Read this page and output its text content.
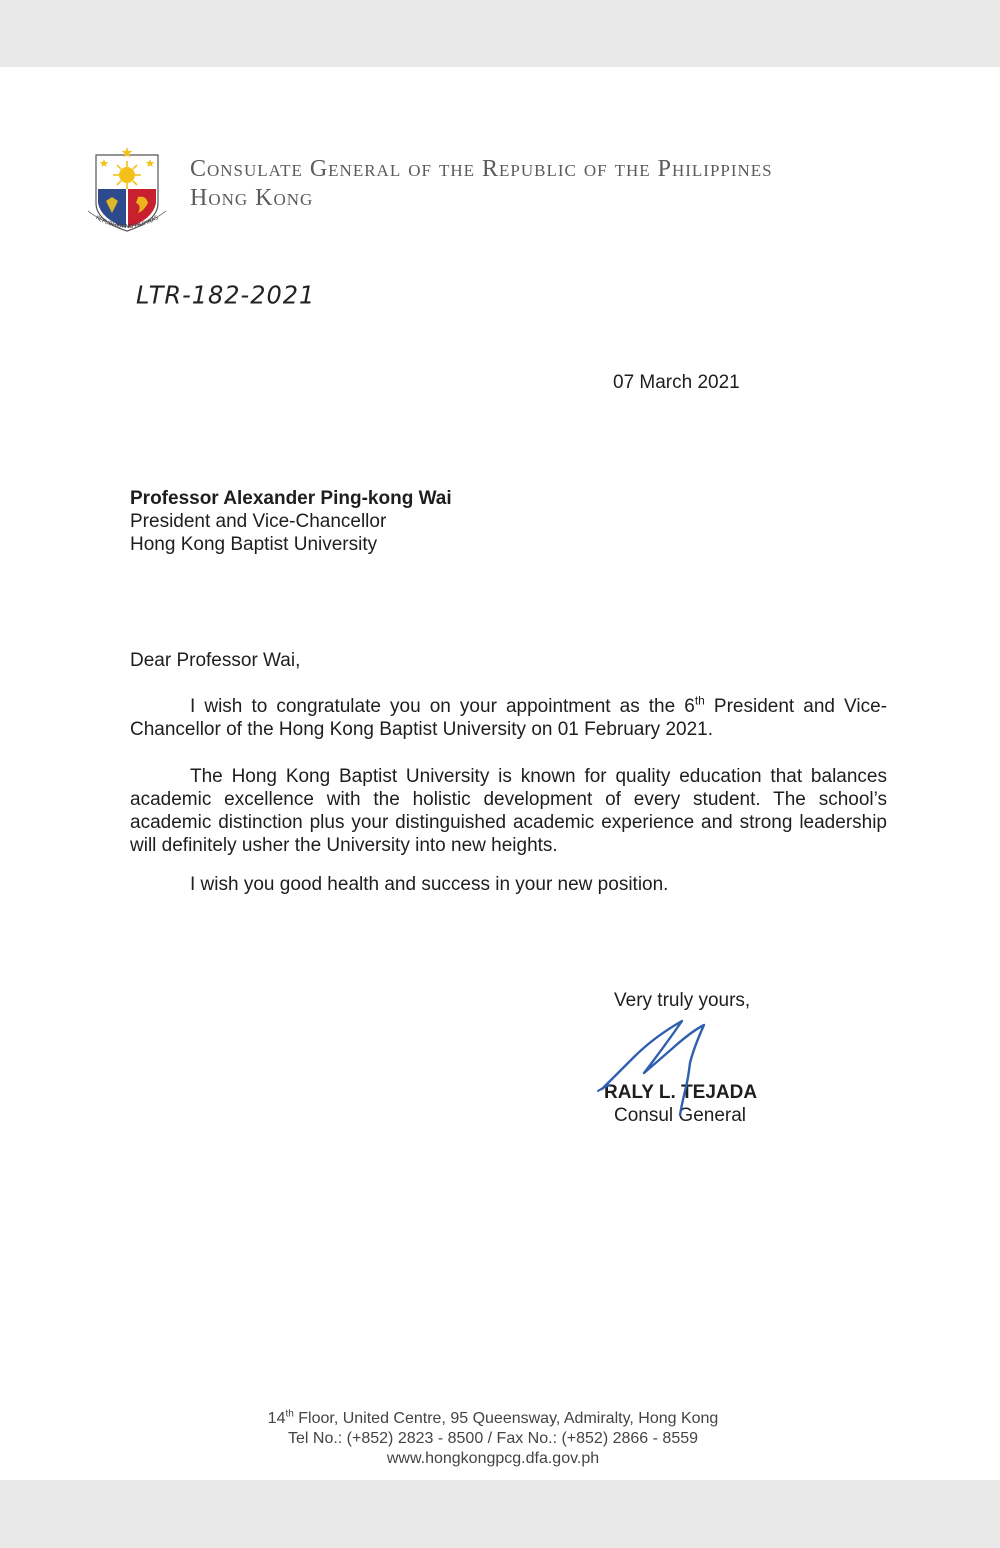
REPUBLIKA NG PILIPINAS
Consulate General of the Republic of the Philippines
Hong Kong
LTR-182-2021
07 March 2021
Professor Alexander Ping-kong Wai
President and Vice-Chancellor
Hong Kong Baptist University
Dear Professor Wai,
I wish to congratulate you on your appointment as the 6th President and Vice-Chancellor of the Hong Kong Baptist University on 01 February 2021.
The Hong Kong Baptist University is known for quality education that balances academic excellence with the holistic development of every student. The school’s academic distinction plus your distinguished academic experience and strong leadership will definitely usher the University into new heights.
I wish you good health and success in your new position.
Very truly yours,
RALY L. TEJADA
Consul General
14th Floor, United Centre, 95 Queensway, Admiralty, Hong Kong
Tel No.: (+852) 2823 - 8500 / Fax No.: (+852) 2866 - 8559
www.hongkongpcg.dfa.gov.ph
